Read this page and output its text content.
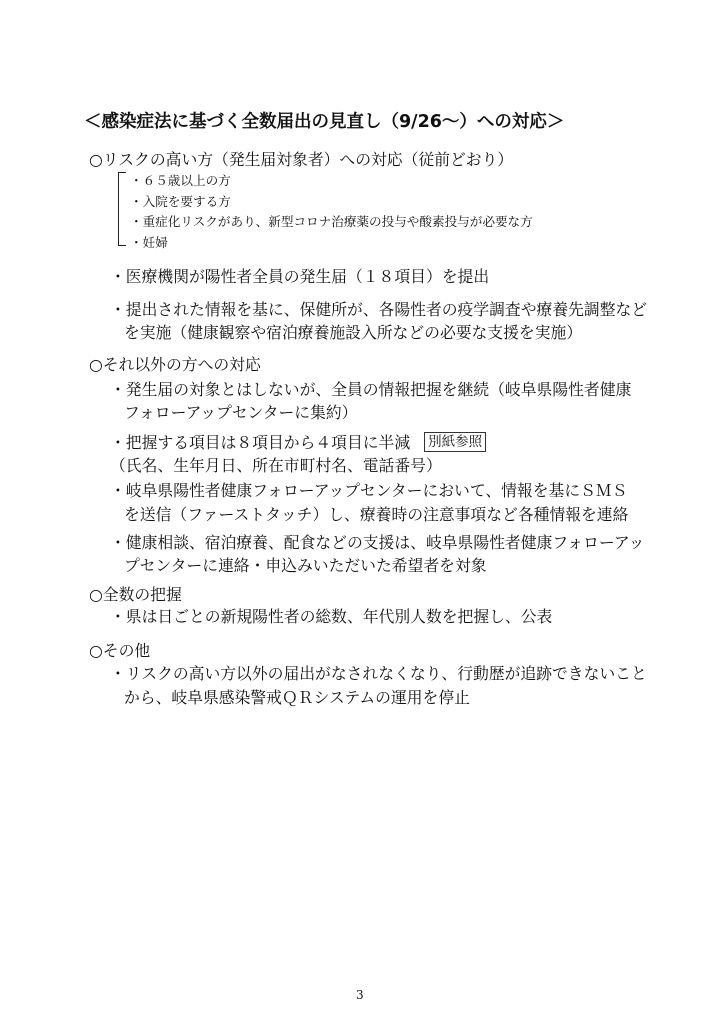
＜感染症法に基づく全数届出の見直し（9/26～）への対応＞
○リスクの高い方（発生届対象者）への対応（従前どおり）
・６５歳以上の方
・入院を要する方
・重症化リスクがあり、新型コロナ治療薬の投与や酸素投与が必要な方
・妊婦
・医療機関が陽性者全員の発生届（１８項目）を提出
・提出された情報を基に、保健所が、各陽性者の疫学調査や療養先調整など
を実施（健康観察や宿泊療養施設入所などの必要な支援を実施）
○それ以外の方への対応
・発生届の対象とはしないが、全員の情報把握を継続（岐阜県陽性者健康
フォローアップセンターに集約）
・把握する項目は８項目から４項目に半減 別紙参照
（氏名、生年月日、所在市町村名、電話番号）
・岐阜県陽性者健康フォローアップセンターにおいて、情報を基にＳＭＳ
を送信（ファーストタッチ）し、療養時の注意事項など各種情報を連絡
・健康相談、宿泊療養、配食などの支援は、岐阜県陽性者健康フォローアッ
プセンターに連絡・申込みいただいた希望者を対象
○全数の把握
・県は日ごとの新規陽性者の総数、年代別人数を把握し、公表
○その他
・リスクの高い方以外の届出がなされなくなり、行動歴が追跡できないこと
から、岐阜県感染警戒ＱＲシステムの運用を停止
3
